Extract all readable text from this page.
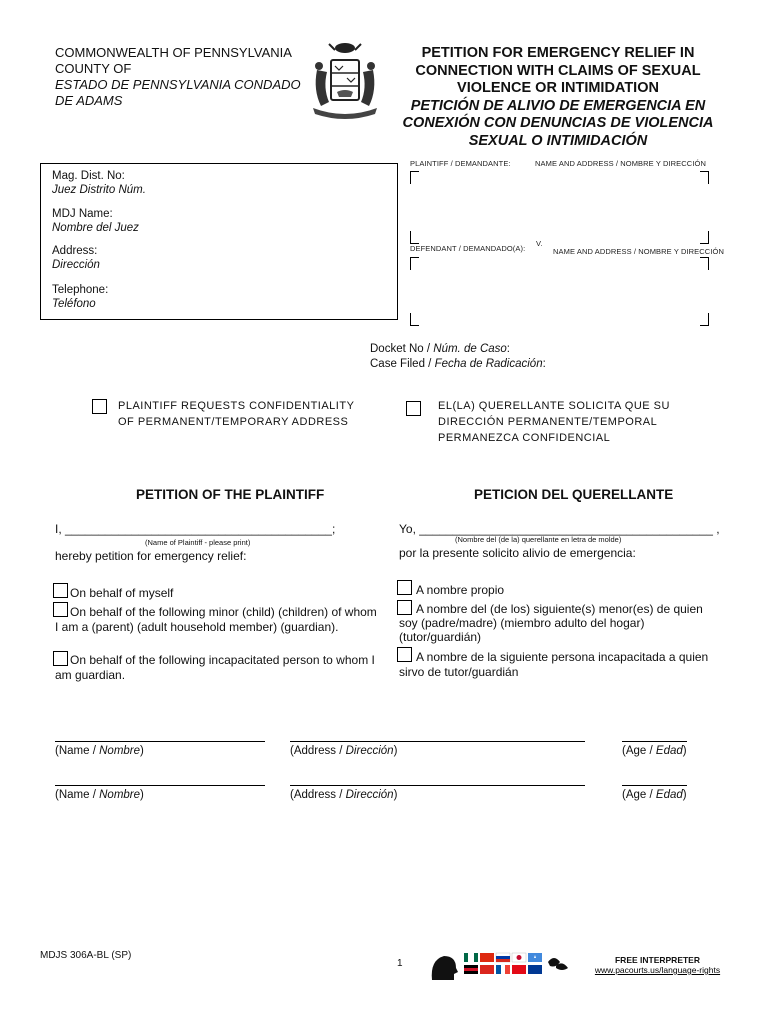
COMMONWEALTH OF PENNSYLVANIA
COUNTY OF
ESTADO DE PENNSYLVANIA CONDADO
DE ADAMS
PETITION FOR EMERGENCY RELIEF IN
CONNECTION WITH CLAIMS OF SEXUAL
VIOLENCE OR INTIMIDATION
PETICIÓN DE ALIVIO DE EMERGENCIA EN
CONEXIÓN CON DENUNCIAS DE VIOLENCIA
SEXUAL O INTIMIDACIÓN
Mag. Dist. No:
Juez Distrito Núm.
MDJ Name:
Nombre del Juez
Address:
Dirección
Telephone:
Teléfono
PLAINTIFF / DEMANDANTE:	NAME AND ADDRESS / NOMBRE Y DIRECCIÓN
DEFENDANT / DEMANDADO(A):
V.
NAME AND ADDRESS / NOMBRE Y DIRECCIÓN
Docket No / Núm. de Caso:
Case Filed / Fecha de Radicación:
PLAINTIFF REQUESTS CONFIDENTIALITY
OF PERMANENT/TEMPORARY ADDRESS
EL(LA) QUERELLANTE SOLICITA QUE SU
DIRECCIÓN PERMANENTE/TEMPORAL
PERMANEZCA CONFIDENCIAL
PETITION OF THE PLAINTIFF	PETICION DEL QUERELLANTE
I, ________________________________________;
(Name of Plaintiff - please print)
hereby petition for emergency relief:
On behalf of myself
On behalf of the following minor (child) (children) of whom
I am a (parent) (adult household member) (guardian).
On behalf of the following incapacitated person to whom I
am guardian.
Yo, ____________________________________________ ,
(Nombre del (de la) querellante en letra de molde)
por la presente solicito alivio de emergencia:
A nombre propio
A nombre del (de los) siguiente(s) menor(es) de quien
soy (padre/madre) (miembro adulto del hogar)
(tutor/guardián)
A nombre de la siguiente persona incapacitada a quien
sirvo de tutor/guardián
(Name / Nombre)	(Address / Dirección)	(Age / Edad)
(Name / Nombre)	(Address / Dirección)	(Age / Edad)
MDJS 306A-BL (SP)
1	FREE INTERPRETER
www.pacourts.us/language-rights
